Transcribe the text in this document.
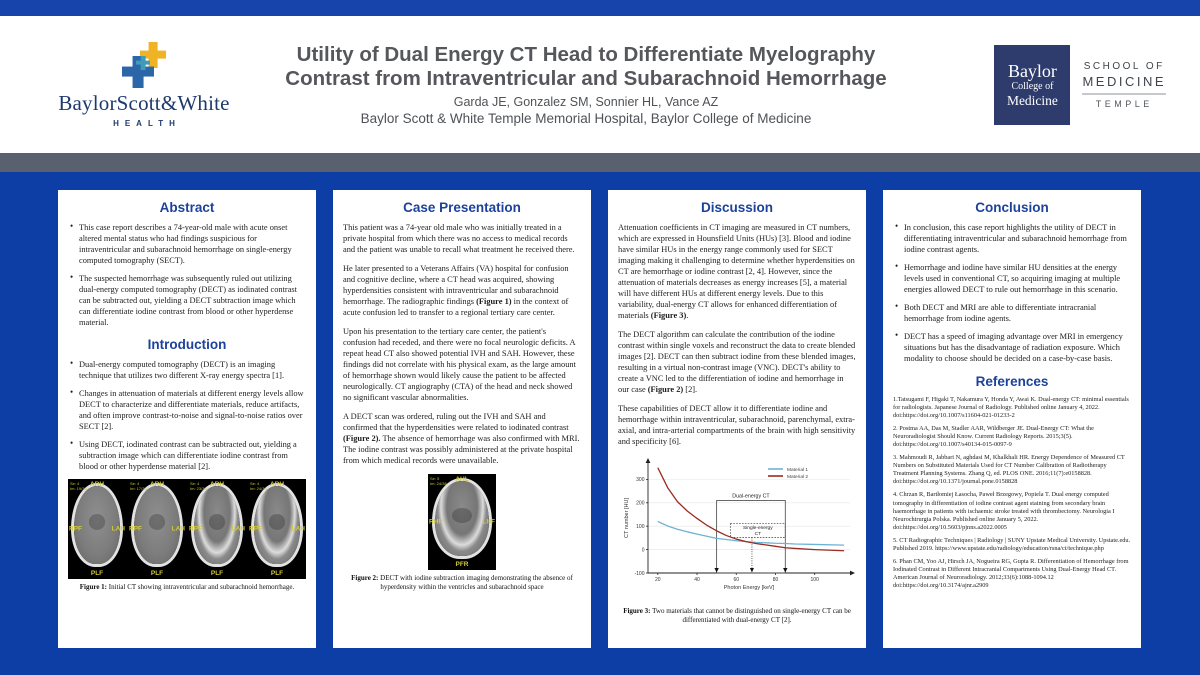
BaylorScott&White
HEALTH
Utility of Dual Energy CT Head to Differentiate Myelography
Contrast from Intraventricular and Subarachnoid Hemorrhage
Garda JE, Gonzalez SM, Sonnier HL, Vance AZ
Baylor Scott & White Temple Memorial Hospital, Baylor College of Medicine
Baylor
College of
Medicine
SCHOOL OF
MEDICINE
TEMPLE
Abstract
• This case report describes a 74-year-old male with acute onset altered mental status who had findings suspicious for intraventricular and subarachnoid hemorrhage on single-energy computed tomography (SECT).
• The suspected hemorrhage was subsequently ruled out utilizing dual-energy computed tomography (DECT) as iodinated contrast can be subtracted out, yielding a DECT subtraction image which can differentiate iodine contrast from blood or other hyperdense material.
Introduction
• Dual-energy computed tomography (DECT) is an imaging technique that utilizes two different X-ray energy spectra [1].
• Changes in attenuation of materials at different energy levels allow DECT to characterize and differentiate materials, reduce artifacts, and often improve contrast-to-noise and signal-to-noise ratios over SECT [2].
• Using DECT, iodinated contrast can be subtracted out, yielding a subtraction image which can differentiate iodine contrast from blood or other hyperdense material [2].
Se: 4
Im: 19/33
ARH
RPF	LAH
PLF
Se: 4
Im: 17/33
ARH
RPF	LAH
PLF
Se: 4
Im: 23/33
ARH
RPF	LAH
PLF
Se: 4
Im: 24/33
ARH
RPF	LAH
PLF
Figure 1: Initial CT showing intraventricular and subarachnoid hemorrhage.
Case Presentation

This patient was a 74-year old male who was initially treated in a private hospital from which there was no access to medical records and the patient was unable to recall what treatment he received there.

He later presented to a Veterans Affairs (VA) hospital for confusion and cognitive decline, where a CT head was acquired, showing hyperdensities consistent with intraventricular and subarachnoid hemorrhage. The radiographic findings (Figure 1) in the context of acute confusion led to transfer to a regional tertiary care center.

Upon his presentation to the tertiary care center, the patient's confusion had receded, and there were no focal neurologic deficits. A repeat head CT also showed potential IVH and SAH. However, these findings did not correlate with his physical exam, as the large amount of hemorrhage shown would likely cause the patient to be affected neurologically. CT angiography (CTA) of the head and neck showed no significant vascular abnormalities.

A DECT scan was ordered, ruling out the IVH and SAH and confirmed that the hyperdensities were related to iodinated contrast (Figure 2). The absence of hemorrhage was also confirmed with MRI. The iodine contrast was possibly administered at the private hospital from which medical records were unavailable.

Se: 5
Im: 24/38
AHL
RHP	LHF
PFR
Figure 2: DECT with iodine subtraction imaging demonstrating the absence of hyperdensity within the ventricles and subarachnoid space
Discussion

Attenuation coefficients in CT imaging are measured in CT numbers, which are expressed in Hounsfield Units (HUs) [3]. Blood and iodine have similar HUs in the energy range commonly used for SECT imaging making it challenging to determine whether hyperdensities on CT are hemorrhage or iodine contrast [2, 4]. However, since the attenuation of materials decreases as energy increases [5], a material will have different HUs at different energy levels. Due to this variability, dual-energy CT allows for enhanced differentiation of materials (Figure 3).

The DECT algorithm can calculate the contribution of the iodine contrast within single voxels and reconstruct the data to create blended images [2]. DECT can then subtract iodine from these blended images, resulting in a virtual non-contrast image (VNC). DECT's ability to create a VNC led to the differentiation of iodine and hemorrhage in our case (Figure 2) [2].

These capabilities of DECT allow it to differentiate iodine and hemorrhage within intraventricular, subarachnoid, parenchymal, extra-axial, and intra-arterial compartments of the brain with high sensitivity and specificity [6].

-100
0
100
200
300
20	40	60	80	100
Photon Energy [keV]
CT number [HU]
Dual-energy CT
Single-energy
CT
Material 1
Material 2
Figure 3: Two materials that cannot be distinguished on single-energy CT can be differentiated with dual-energy CT [2].
Conclusion
• In conclusion, this case report highlights the utility of DECT in differentiating intraventricular and subarachnoid hemorrhage from iodine contrast agents.
• Hemorrhage and iodine have similar HU densities at the energy levels used in conventional CT, so acquiring imaging at multiple energies allowed DECT to rule out hemorrhage in this scenario.
• Both DECT and MRI are able to differentiate intracranial hemorrhage from iodine agents.
• DECT has a speed of imaging advantage over MRI in emergency situations but has the disadvantage of radiation exposure. Which modality to choose should be decided on a case-by-case basis.
References
1.Tatsugami F, Higaki T, Nakamura Y, Honda Y, Awai K. Dual-energy CT: minimal essentials for radiologists. Japanese Journal of Radiology. Published online January 4, 2022. doi:https://doi.org/10.1007/s11604-021-01233-2
2. Postma AA, Das M, Stadler AAR, Wildberger JE. Dual-Energy CT: What the Neuroradiologist Should Know. Current Radiology Reports. 2015;3(5). doi:https://doi.org/10.1007/s40134-015-0097-9
3. Mahmoudi R, Jabbari N, aghdasi M, Khalkhali HR. Energy Dependence of Measured CT Numbers on Substituted Materials Used for CT Number Calibration of Radiotherapy Treatment Planning Systems. Zhang Q, ed. PLOS ONE. 2016;11(7):e0158828. doi:https://doi.org/10.1371/journal.pone.0158828
4. Chrzan R, Bartłomiej Łasocha, Paweł Brzegowy, Popiela T. Dual energy computed tomography in differentiation of iodine contrast agent staining from secondary brain haemorrhage in patients with ischaemic stroke treated with thrombectomy. Neurologia I Neurochirurgia Polska. Published online January 5, 2022. doi:https://doi.org/10.5603/pjnns.a2022.0005
5. CT Radiographic Techniques | Radiology | SUNY Upstate Medical University. Upstate.edu. Published 2019. https://www.upstate.edu/radiology/education/rsna/ct/technique.php
6. Phan CM, Yoo AJ, Hirsch JA, Nogueira RG, Gupta R. Differentiation of Hemorrhage from Iodinated Contrast in Different Intracranial Compartments Using Dual-Energy Head CT. American Journal of Neuroradiology. 2012;33(6):1088-1094.12 doi:https://doi.org/10.3174/ajnr.a2909
